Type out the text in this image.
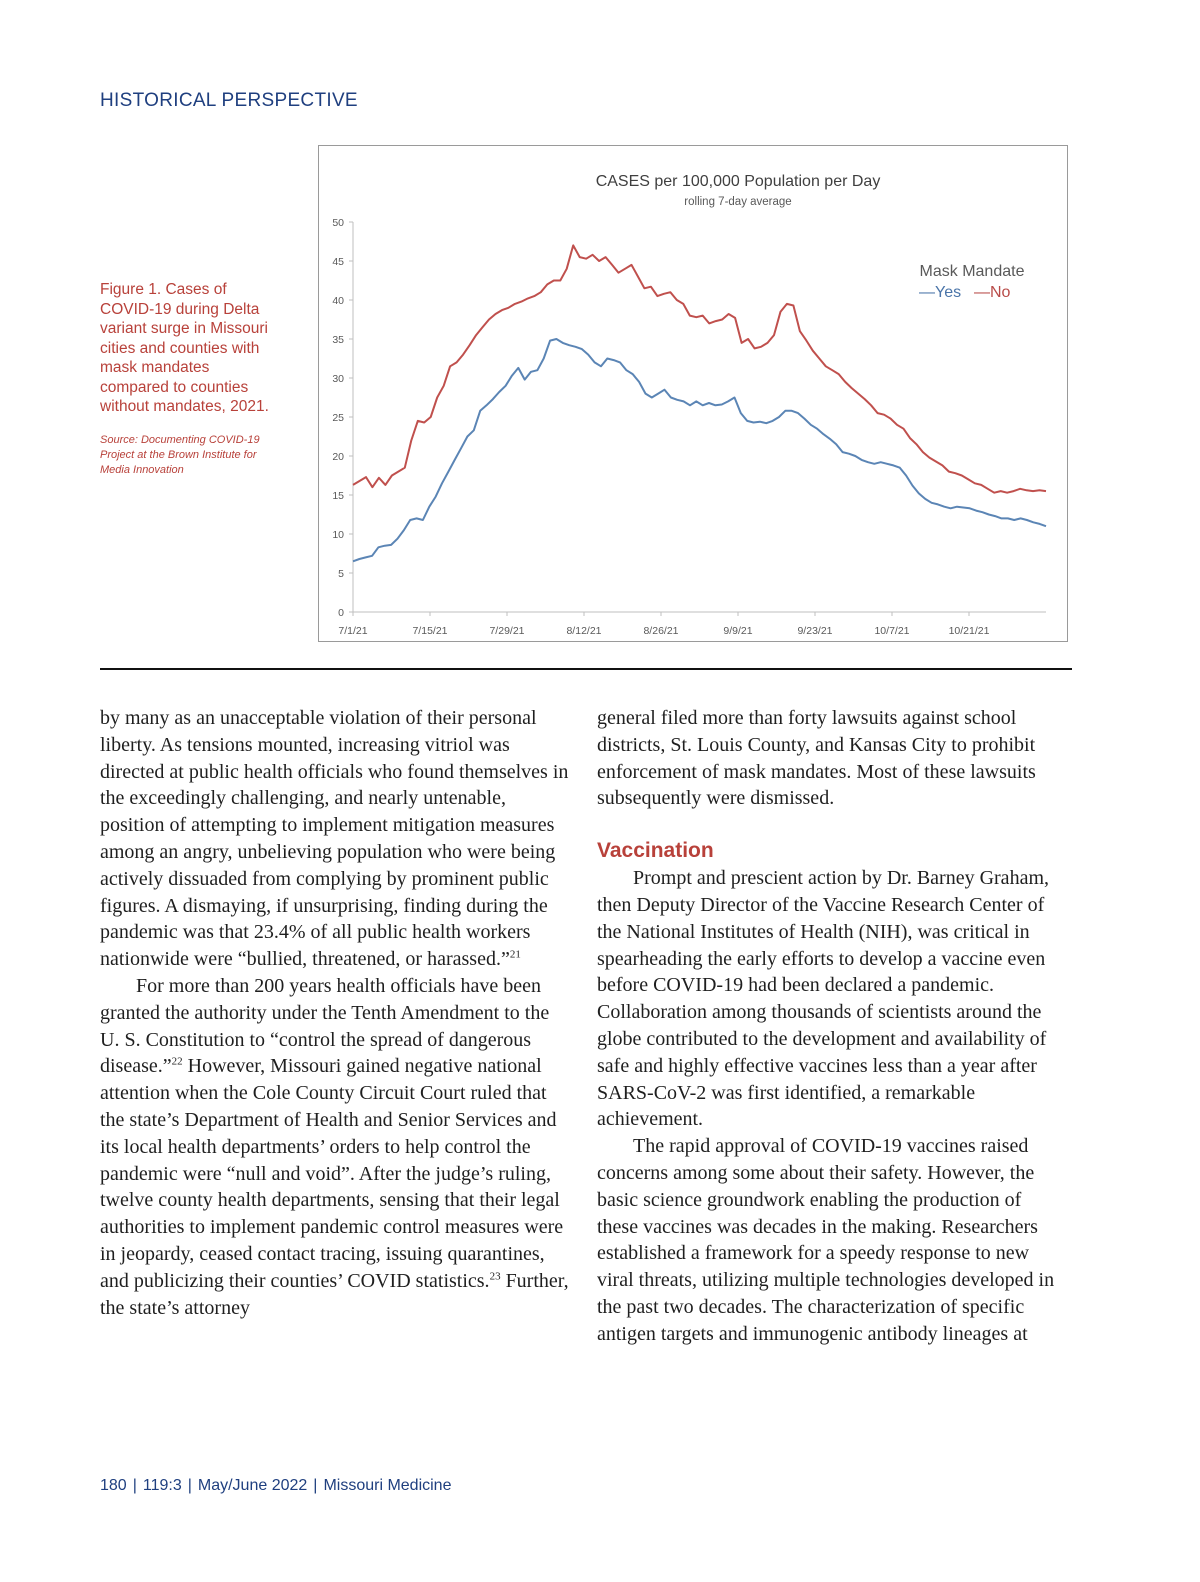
HISTORICAL PERSPECTIVE
Figure 1. Cases of COVID-19 during Delta variant surge in Missouri cities and counties with mask mandates compared to counties without mandates, 2021.
Source: Documenting COVID-19 Project at the Brown Institute for Media Innovation
CASES per 100,000 Population per Day
rolling 7-day average
Mask Mandate
—Yes —No
0
5
10
15
20
25
30
35
40
45
50
7/1/21	7/15/21	7/29/21	8/12/21	8/26/21	9/9/21	9/23/21	10/7/21	10/21/21

by many as an unacceptable violation of their personal liberty. As tensions mounted, increasing vitriol was directed at public health officials who found themselves in the exceedingly challenging, and nearly untenable, position of attempting to implement mitigation measures among an angry, unbelieving population who were being actively dissuaded from complying by prominent public figures. A dismaying, if unsurprising, finding during the pandemic was that 23.4% of all public health workers nationwide were “bullied, threatened, or harassed.”$^{21}$

For more than 200 years health officials have been granted the authority under the Tenth Amendment to the U. S. Constitution to “control the spread of dangerous disease.”$^{22}$ However, Missouri gained negative national attention when the Cole County Circuit Court ruled that the state’s Department of Health and Senior Services and its local health departments’ orders to help control the pandemic were “null and void”. After the judge’s ruling, twelve county health departments, sensing that their legal authorities to implement pandemic control measures were in jeopardy, ceased contact tracing, issuing quarantines, and publicizing their counties’ COVID statistics.$^{23}$ Further, the state’s attorney

general filed more than forty lawsuits against school districts, St. Louis County, and Kansas City to prohibit enforcement of mask mandates. Most of these lawsuits subsequently were dismissed.

Vaccination

Prompt and prescient action by Dr. Barney Graham, then Deputy Director of the Vaccine Research Center of the National Institutes of Health (NIH), was critical in spearheading the early efforts to develop a vaccine even before COVID-19 had been declared a pandemic. Collaboration among thousands of scientists around the globe contributed to the development and availability of safe and highly effective vaccines less than a year after SARS-CoV-2 was first identified, a remarkable achievement.

The rapid approval of COVID-19 vaccines raised concerns among some about their safety. However, the basic science groundwork enabling the production of these vaccines was decades in the making. Researchers established a framework for a speedy response to new viral threats, utilizing multiple technologies developed in the past two decades. The characterization of specific antigen targets and immunogenic antibody lineages at

180 | 119:3 | May/June 2022 | Missouri Medicine
